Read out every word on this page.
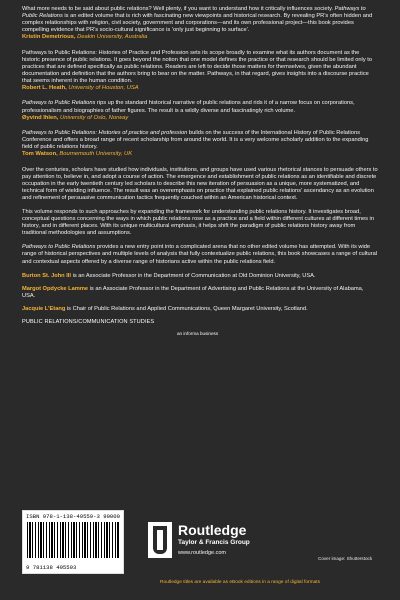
What more needs to be said about public relations? Well plenty, if you want to understand how it critically influences society. Pathways to Public Relations is an edited volume that is rich with fascinating new viewpoints and historical research. By revealing PR’s often hidden and complex relationships with religion, civil society, government and corporations—and its own professional project—this book provides compelling evidence that PR’s socio-cultural significance is ‘only just beginning to surface’.

Kristin Demetrious, Deakin University, Australia

Pathways to Public Relations: Histories of Practice and Profession sets its scope broadly to examine what its authors document as the historic presence of public relations. It goes beyond the notion that one model defines the practice or that research should be limited only to practices that are defined specifically as public relations. Readers are left to decide those matters for themselves, given the abundant documentation and definition that the authors bring to bear on the matter. Pathways, in that regard, gives insights into a discourse practice that seems inherent in the human condition.

Robert L. Heath, University of Houston, USA

Pathways to Public Relations rips up the standard historical narrative of public relations and rids it of a narrow focus on corporations, professionalism and biographies of father figures. The result is a wildly diverse and fascinatingly rich volume.

Øyvind Ihlen, University of Oslo, Norway

Pathways to Public Relations: Histories of practice and profession builds on the success of the International History of Public Relations Conference and offers a broad range of recent scholarship from around the world. It is a very welcome scholarly addition to the expanding field of public relations history.

Tom Watson, Bournemouth University, UK

Over the centuries, scholars have studied how individuals, institutions, and groups have used various rhetorical stances to persuade others to pay attention to, believe in, and adopt a course of action. The emergence and establishment of public relations as an identifiable and discrete occupation in the early twentieth century led scholars to describe this new iteration of persuasion as a unique, more systematized, and technical form of wielding influence. The result was an overemphasis on practice that explained public relations’ ascendancy as an evolution and refinement of persuasive communication tactics frequently couched within an American historical context.

This volume responds to such approaches by expanding the framework for understanding public relations history. It investigates broad, conceptual questions concerning the ways in which public relations rose as a practice and a field within different cultures at different times in history, and in different places. With its unique multicultural emphasis, it helps shift the paradigm of public relations history away from traditional methodologies and assumptions.

Pathways to Public Relations provides a new entry point into a complicated arena that no other edited volume has attempted. With its wide range of historical perspectives and multiple levels of analysis that fully contextualize public relations, this book showcases a range of cultural and contextual aspects offered by a diverse range of historians active within the public relations field.

Burton St. John III is an Associate Professor in the Department of Communication at Old Dominion University, USA.

Margot Opdycke Lamme is an Associate Professor in the Department of Advertising and Public Relations at the University of Alabama, USA.

Jacquie L’Etang is Chair of Public Relations and Applied Communications, Queen Margaret University, Scotland.

PUBLIC RELATIONS/COMMUNICATION STUDIES
an informa business
ISBN 978-1-138-49559-3 90000
9 781138 495593
Routledge
Taylor & Francis Group
www.routledge.com
Cover image: Shutterstock
Routledge titles are available as eBook editions in a range of digital formats
